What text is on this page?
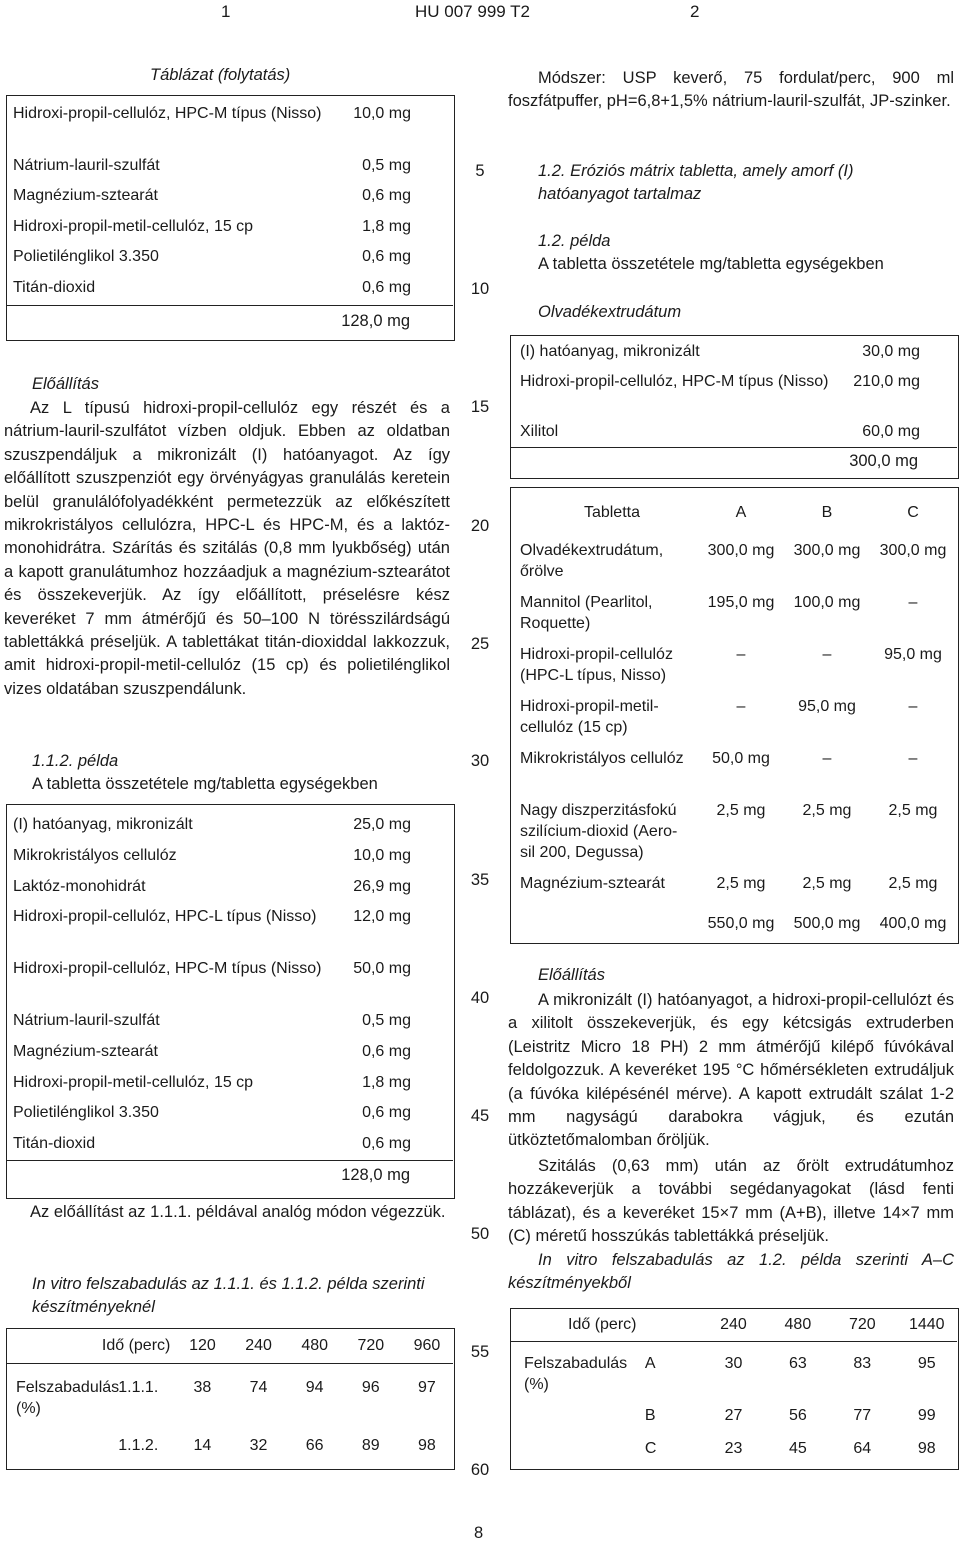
1	HU 007 999 T2	2
Táblázat (folytatás)
Hidroxi-propil-cellulóz, HPC-M típus (Nisso)	10,0 mg
Nátrium-lauril-szulfát	0,5 mg
Magnézium-sztearát	0,6 mg
Hidroxi-propil-metil-cellulóz, 15 cp	1,8 mg
Polietilénglikol 3.350	0,6 mg
Titán-dioxid	0,6 mg
128,0 mg
Előállítás

Az L típusú hidroxi-propil-cellulóz egy részét és a nátrium-lauril-szulfátot vízben oldjuk. Ebben az oldatban szuszpendáljuk a mikronizált (I) hatóanyagot. Az így előállított szuszpenziót egy örvényágyas granulálás keretein belül granulálófolyadékként permetezzük az előkészített mikrokristályos cellulózra, HPC-L és HPC-M, és a laktóz-monohidrátra. Szárítás és szitálás (0,8 mm lyukbőség) után a kapott granulátumhoz hozzáadjuk a magnézium-sztearátot és összekeverjük. Az így előállított, préselésre kész keveréket 7 mm átmérőjű és 50–100 N törésszilárdságú tablettákká préseljük. A tablettákat titán-dioxiddal lakkozzuk, amit hidroxi-propil-metil-cellulóz (15 cp) és polietilénglikol vizes oldatában szuszpendálunk.

1.1.2. példa
A tabletta összetétele mg/tabletta egységekben
(I) hatóanyag, mikronizált	25,0 mg
Mikrokristályos cellulóz	10,0 mg
Laktóz-monohidrát	26,9 mg
Hidroxi-propil-cellulóz, HPC-L típus (Nisso)	12,0 mg
Hidroxi-propil-cellulóz, HPC-M típus (Nisso)	50,0 mg
Nátrium-lauril-szulfát	0,5 mg
Magnézium-sztearát	0,6 mg
Hidroxi-propil-metil-cellulóz, 15 cp	1,8 mg
Polietilénglikol 3.350	0,6 mg
Titán-dioxid	0,6 mg
128,0 mg

Az előállítást az 1.1.1. példával analóg módon végezzük.

In vitro felszabadulás az 1.1.1. és 1.1.2. példa szerinti készítményeknél

Idő (perc)		120	240	480	720	960
Felszabadulás (%)	1.1.1.	38	74	94	96	97
	1.1.2.	14	32	66	89	98
5
10
15
20
25
30
35
40
45
50
55
60

Módszer: USP keverő, 75 fordulat/perc, 900 ml foszfátpuffer, pH=6,8+1,5% nátrium-lauril-szulfát, JP-szinker.

1.2. Eróziós mátrix tabletta, amely amorf (I) hatóanyagot tartalmaz

1.2. példa
A tabletta összetétele mg/tabletta egységekben
Olvadékextrudátum
(I) hatóanyag, mikronizált	30,0 mg
Hidroxi-propil-cellulóz, HPC-M típus (Nisso)	210,0 mg
Xilitol	60,0 mg
300,0 mg
Tabletta	A	B	C
Olvadékextrudátum, őrölve	300,0 mg	300,0 mg	300,0 mg
Mannitol (Pearlitol, Roquette)	195,0 mg	100,0 mg	–
Hidroxi-propil-cellulóz (HPC-L típus, Nisso)	–	–	95,0 mg
Hidroxi-propil-metil- cellulóz (15 cp)	–	95,0 mg	–
Mikrokristályos cellulóz	50,0 mg	–	–
Nagy diszperzitásfokú szilícium-dioxid (Aero- sil 200, Degussa)	2,5 mg	2,5 mg	2,5 mg
Magnézium-sztearát	2,5 mg	2,5 mg	2,5 mg
	550,0 mg	500,0 mg	400,0 mg
Előállítás

A mikronizált (I) hatóanyagot, a hidroxi-propil-cellulózt és a xilitolt összekeverjük, és egy kétcsigás extruderben (Leistritz Micro 18 PH) 2 mm átmérőjű kilépő fúvókával feldolgozzuk. A keveréket 195 °C hőmérsékleten extrudáljuk (a fúvóka kilépésénél mérve). A kapott extrudált szálat 1-2 mm nagyságú darabokra vágjuk, és ezután ütköztetőmalomban őröljük.

Szitálás (0,63 mm) után az őrölt extrudátumhoz hozzákeverjük a további segédanyagokat (lásd fenti táblázat), és a keveréket 15×7 mm (A+B), illetve 14×7 mm (C) méretű hosszúkás tablettákká préseljük.

In vitro felszabadulás az 1.2. példa szerinti A–C készítményekből

Idő (perc)		240	480	720	1440
Felszabadulás (%)	A	30	63	83	95
	B	27	56	77	99
	C	23	45	64	98
8
